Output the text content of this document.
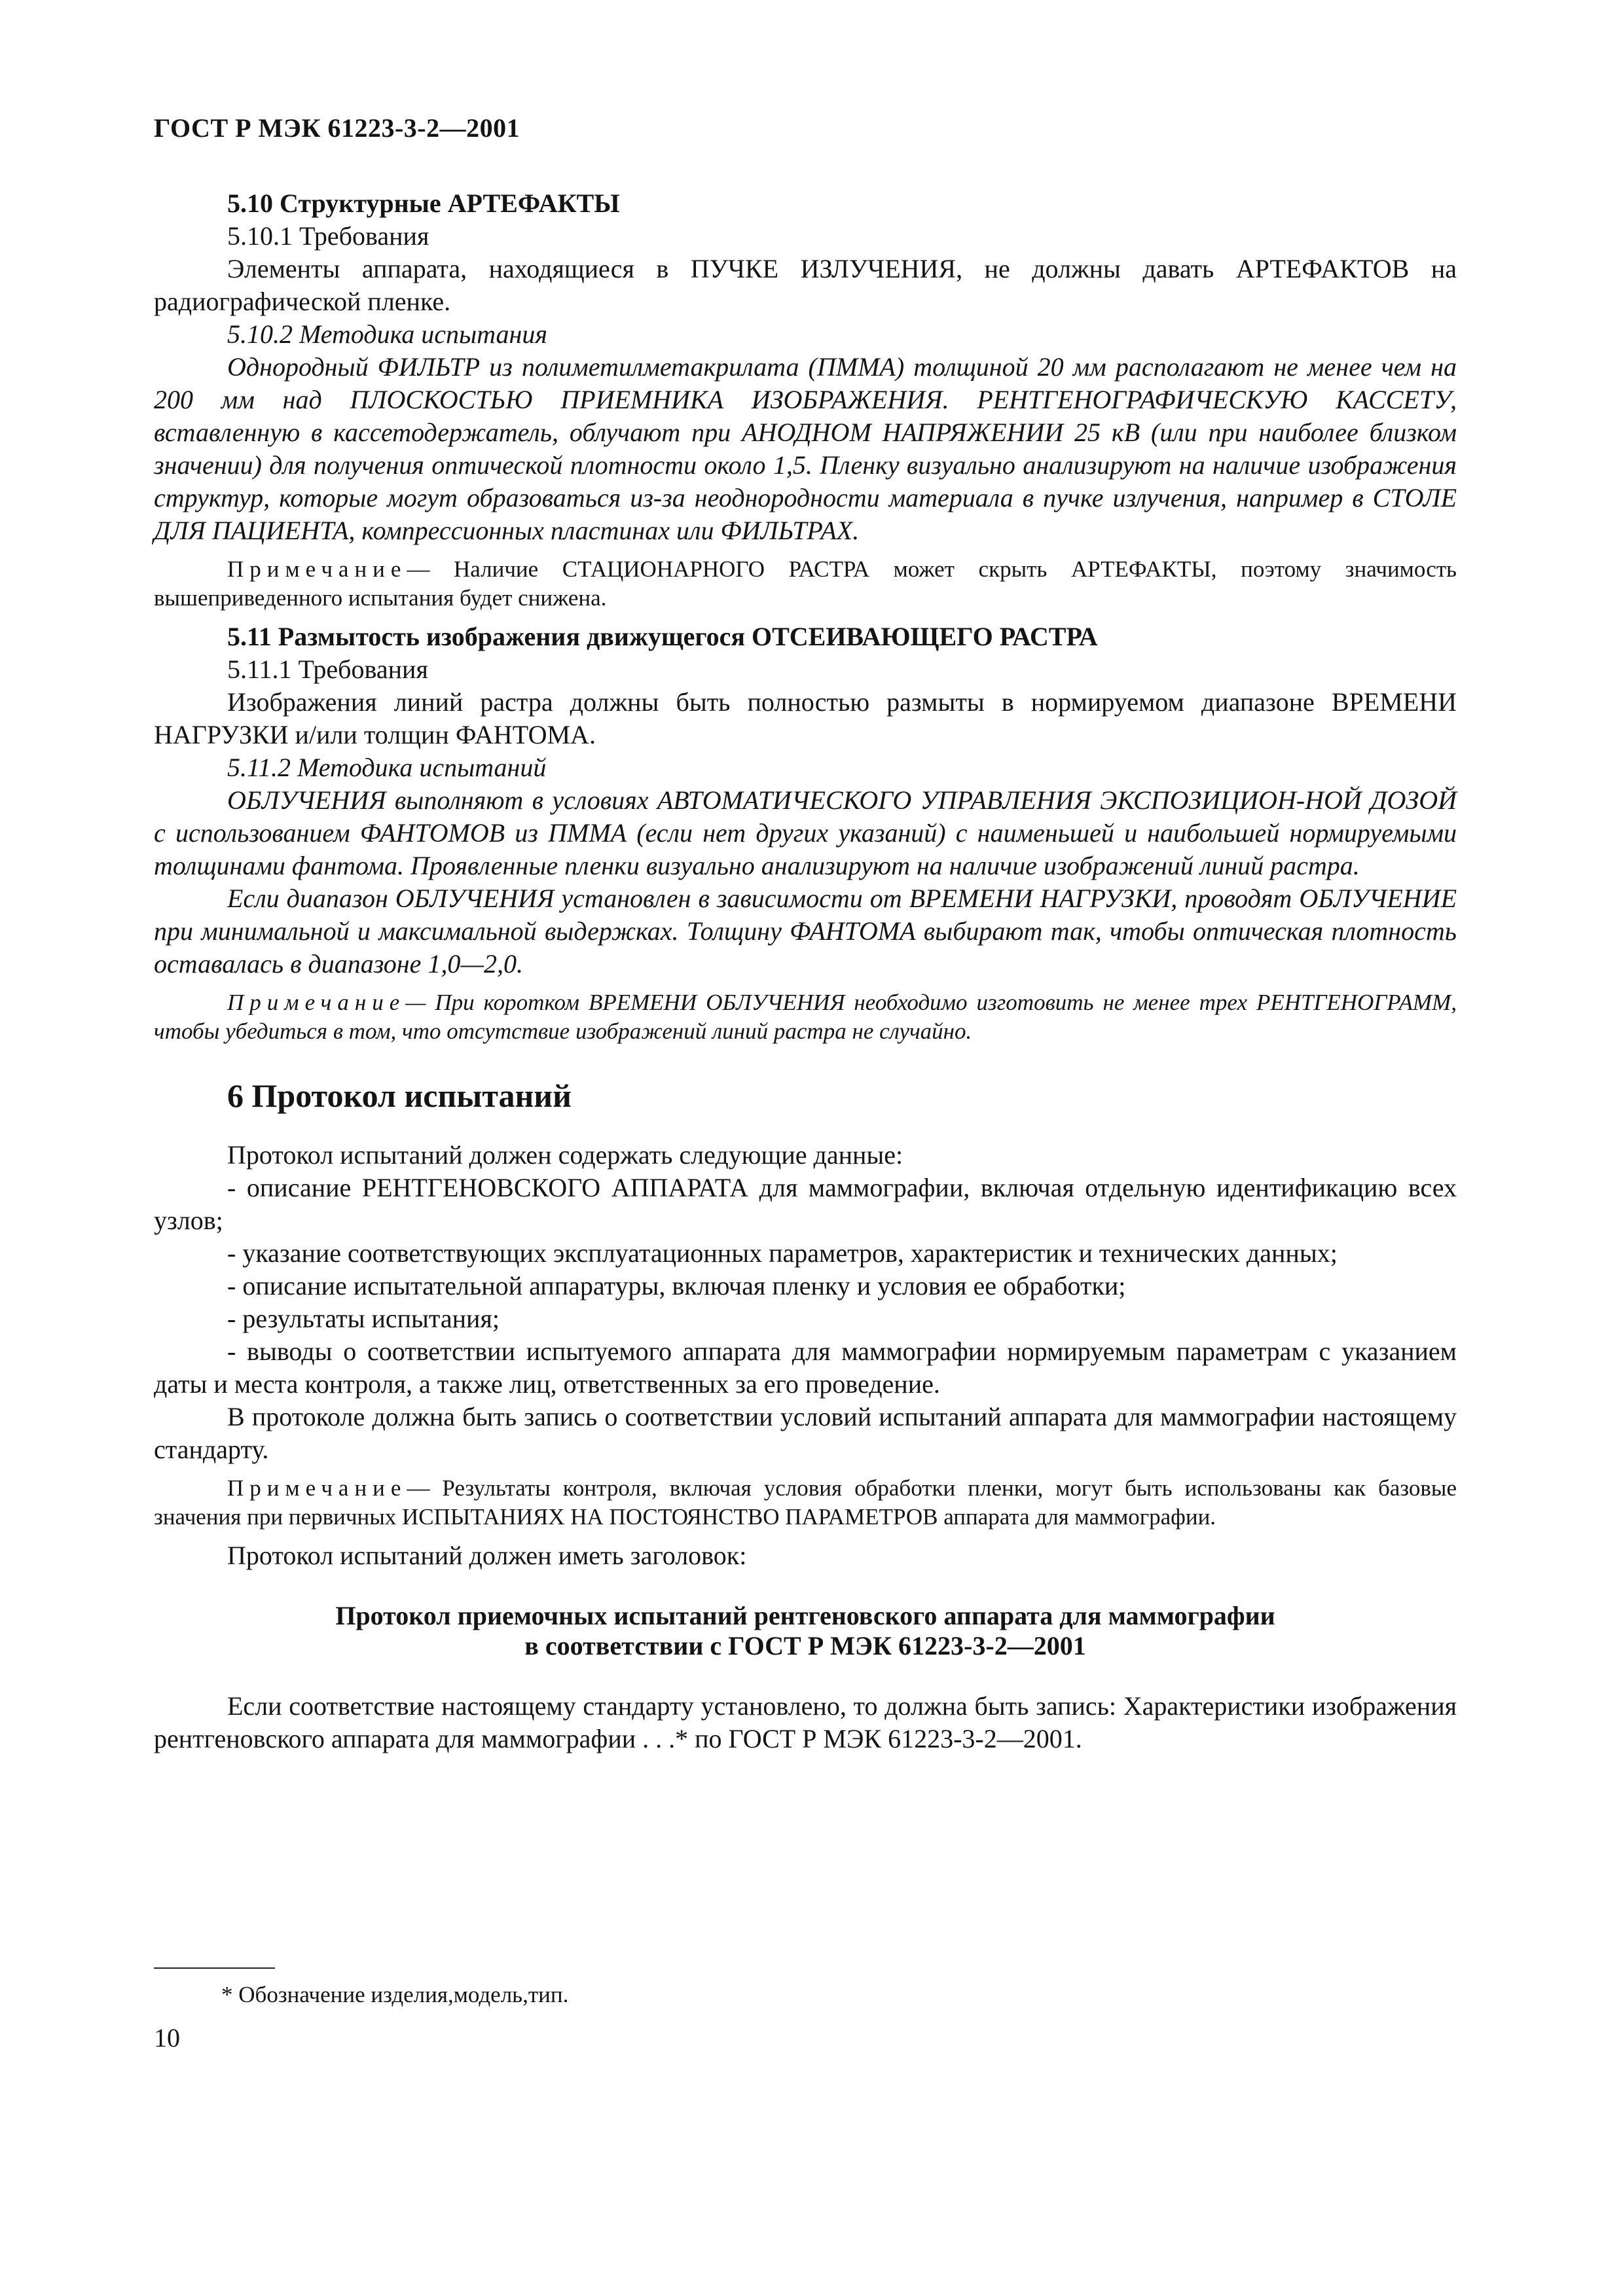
ГОСТ Р МЭК 61223-3-2—2001

5.10 Структурные АРТЕФАКТЫ

5.10.1 Требования

Элементы аппарата, находящиеся в ПУЧКЕ ИЗЛУЧЕНИЯ, не должны давать АРТЕФАКТОВ на радиографической пленке.

5.10.2 Методика испытания

Однородный ФИЛЬТР из полиметилметакрилата (ПММА) толщиной 20 мм располагают не менее чем на 200 мм над ПЛОСКОСТЬЮ ПРИЕМНИКА ИЗОБРАЖЕНИЯ. РЕНТГЕНОГРАФИЧЕСКУЮ КАССЕТУ, вставленную в кассетодержатель, облучают при АНОДНОМ НАПРЯЖЕНИИ 25 кВ (или при наиболее близком значении) для получения оптической плотности около 1,5. Пленку визуально анализируют на наличие изображения структур, которые могут образоваться из-за неоднородности материала в пучке излучения, например в СТОЛЕ ДЛЯ ПАЦИЕНТА, компрессионных пластинах или ФИЛЬТРАХ.

Примечание— Наличие СТАЦИОНАРНОГО РАСТРА может скрыть АРТЕФАКТЫ, поэтому значимость вышеприведенного испытания будет снижена.

5.11 Размытость изображения движущегося ОТСЕИВАЮЩЕГО РАСТРА

5.11.1 Требования

Изображения линий растра должны быть полностью размыты в нормируемом диапазоне ВРЕМЕНИ НАГРУЗКИ и/или толщин ФАНТОМА.

5.11.2 Методика испытаний

ОБЛУЧЕНИЯ выполняют в условиях АВТОМАТИЧЕСКОГО УПРАВЛЕНИЯ ЭКСПОЗИЦИОН-НОЙ ДОЗОЙ с использованием ФАНТОМОВ из ПММА (если нет других указаний) с наименьшей и наибольшей нормируемыми толщинами фантома. Проявленные пленки визуально анализируют на наличие изображений линий растра.

Если диапазон ОБЛУЧЕНИЯ установлен в зависимости от ВРЕМЕНИ НАГРУЗКИ, проводят ОБЛУЧЕНИЕ при минимальной и максимальной выдержках. Толщину ФАНТОМА выбирают так, чтобы оптическая плотность оставалась в диапазоне 1,0—2,0.

Примечание— При коротком ВРЕМЕНИ ОБЛУЧЕНИЯ необходимо изготовить не менее трех РЕНТГЕНОГРАММ, чтобы убедиться в том, что отсутствие изображений линий растра не случайно.

6 Протокол испытаний

Протокол испытаний должен содержать следующие данные:

- описание РЕНТГЕНОВСКОГО АППАРАТА для маммографии, включая отдельную идентификацию всех узлов;

- указание соответствующих эксплуатационных параметров, характеристик и технических данных;

- описание испытательной аппаратуры, включая пленку и условия ее обработки;

- результаты испытания;

- выводы о соответствии испытуемого аппарата для маммографии нормируемым параметрам с указанием даты и места контроля, а также лиц, ответственных за его проведение.

В протоколе должна быть запись о соответствии условий испытаний аппарата для маммографии настоящему стандарту.

Примечание— Результаты контроля, включая условия обработки пленки, могут быть использованы как базовые значения при первичных ИСПЫТАНИЯХ НА ПОСТОЯНСТВО ПАРАМЕТРОВ аппарата для маммографии.

Протокол испытаний должен иметь заголовок:

Протокол приемочных испытаний рентгеновского аппарата для маммографии
в соответствии с ГОСТ Р МЭК 61223-3-2—2001

Если соответствие настоящему стандарту установлено, то должна быть запись: Характеристики изображения рентгеновского аппарата для маммографии . . .* по ГОСТ Р МЭК 61223-3-2—2001.

* Обозначение изделия,модель,тип.
10
